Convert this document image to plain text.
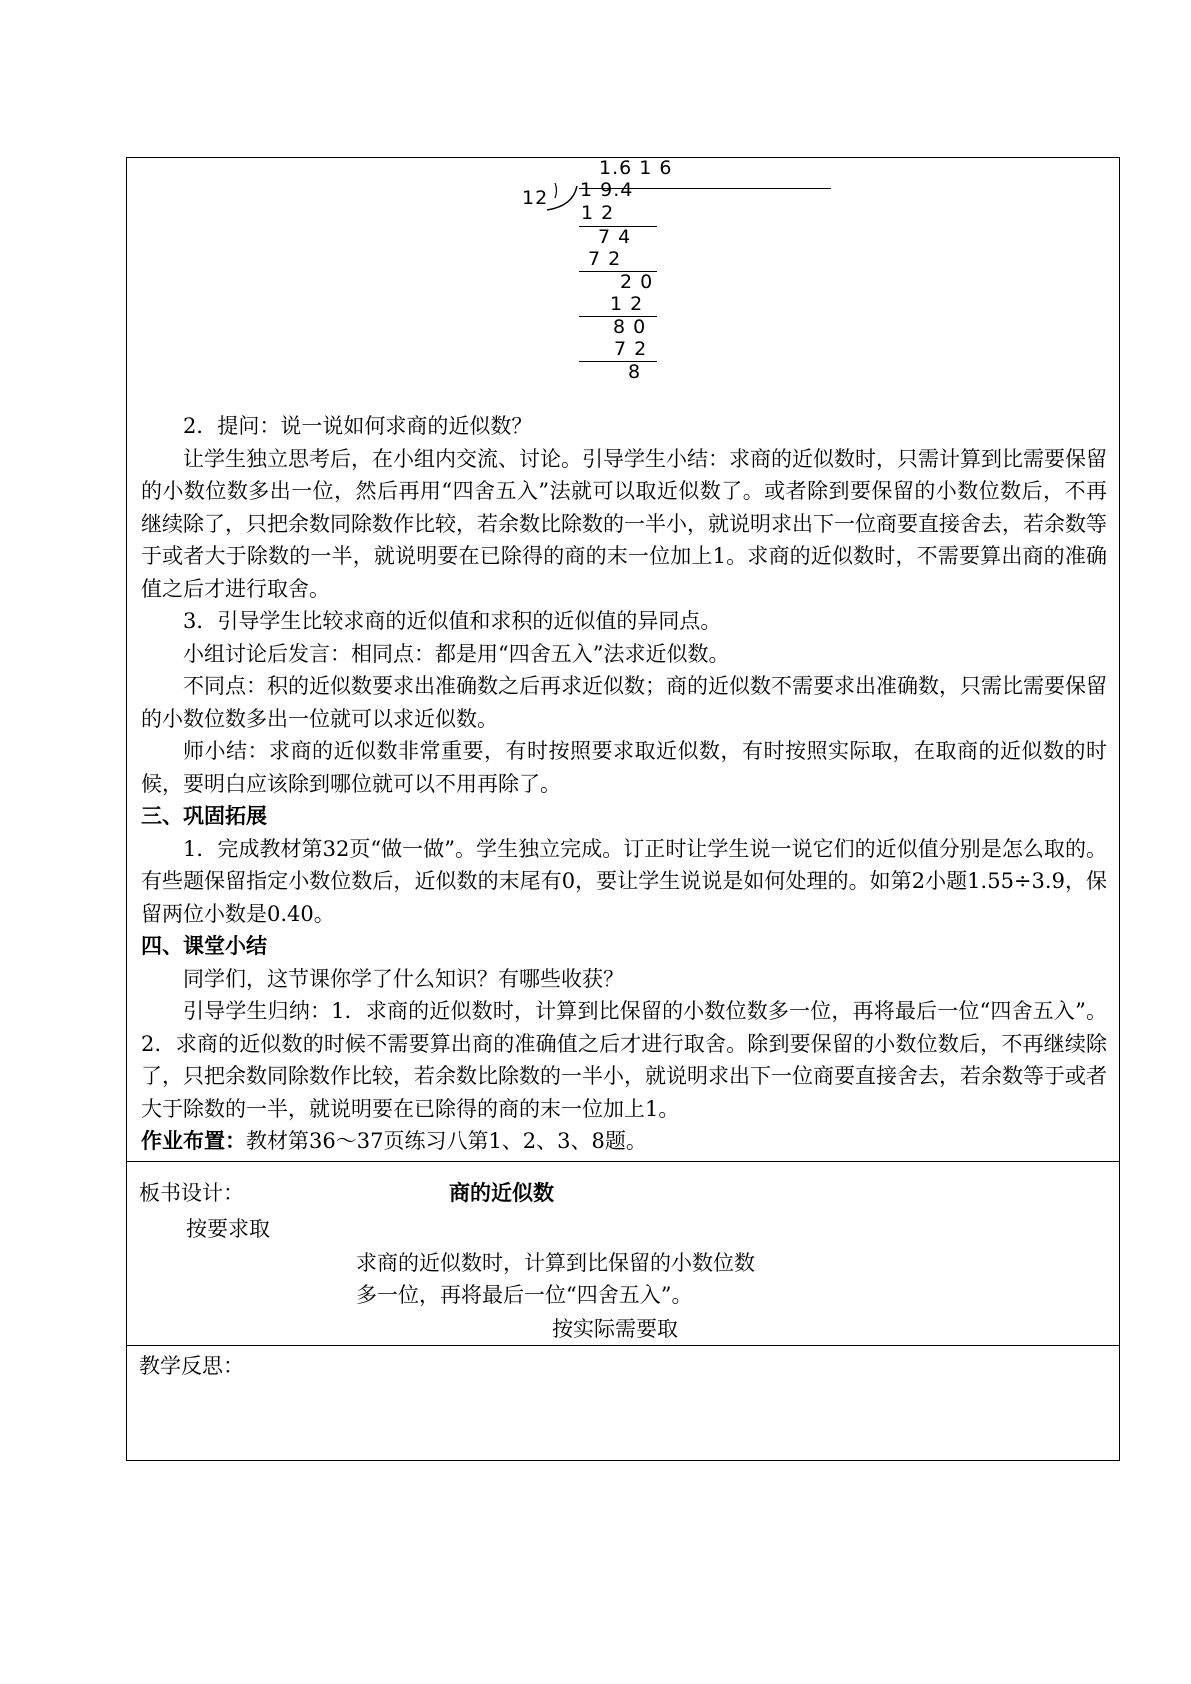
1.6 1 6
12 1 9.4
1 2
7 4
7 2
2 0
1 2
8 0
7 2
8

2．提问：说一说如何求商的近似数？

让学生独立思考后，在小组内交流、讨论。引导学生小结：求商的近似数时，只需计算到比需要保留的小数位数多出一位，然后再用“四舍五入”法就可以取近似数了。或者除到要保留的小数位数后，不再继续除了，只把余数同除数作比较，若余数比除数的一半小，就说明求出下一位商要直接舍去，若余数等于或者大于除数的一半，就说明要在已除得的商的末一位加上1。求商的近似数时，不需要算出商的准确值之后才进行取舍。

3．引导学生比较求商的近似值和求积的近似值的异同点。

小组讨论后发言：相同点：都是用“四舍五入”法求近似数。

不同点：积的近似数要求出准确数之后再求近似数；商的近似数不需要求出准确数，只需比需要保留的小数位数多出一位就可以求近似数。

师小结：求商的近似数非常重要，有时按照要求取近似数，有时按照实际取，在取商的近似数的时候，要明白应该除到哪位就可以不用再除了。

三、巩固拓展

1．完成教材第32页“做一做”。学生独立完成。订正时让学生说一说它们的近似值分别是怎么取的。有些题保留指定小数位数后，近似数的末尾有0，要让学生说说是如何处理的。如第2小题1.55÷3.9，保留两位小数是0.40。

四、课堂小结

同学们，这节课你学了什么知识？有哪些收获？

引导学生归纳：1．求商的近似数时，计算到比保留的小数位数多一位，再将最后一位“四舍五入”。2．求商的近似数的时候不需要算出商的准确值之后才进行取舍。除到要保留的小数位数后，不再继续除了，只把余数同除数作比较，若余数比除数的一半小，就说明求出下一位商要直接舍去，若余数等于或者大于除数的一半，就说明要在已除得的商的末一位加上1。

作业布置：教材第36～37页练习八第1、2、3、8题。

板书设计：	商的近似数
按要求取
求商的近似数时，计算到比保留的小数位数
多一位，再将最后一位“四舍五入”。
按实际需要取
教学反思：
